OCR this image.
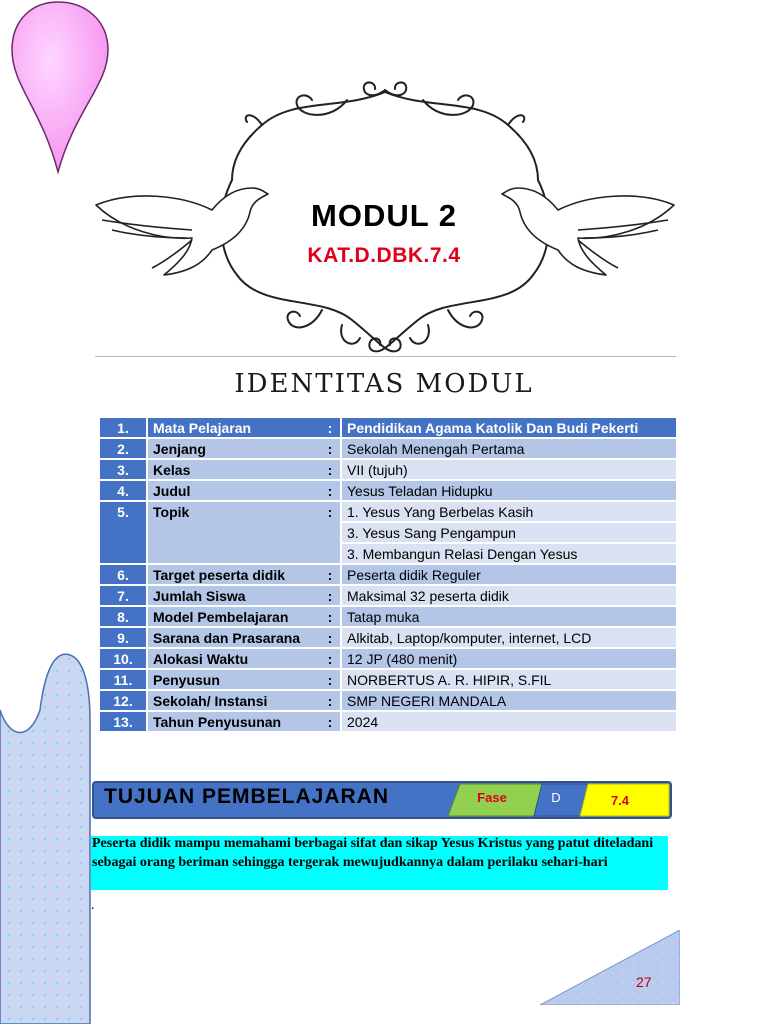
MODUL 2
KAT.D.DBK.7.4
IDENTITAS MODUL
1.	Mata Pelajaran	:	Pendidikan Agama Katolik Dan Budi Pekerti
2.	Jenjang	:	Sekolah Menengah Pertama
3.	Kelas	:	VII (tujuh)
4.	Judul	:	Yesus Teladan Hidupku
5.	Topik	:	1. Yesus Yang Berbelas Kasih
			3. Yesus Sang Pengampun
			3. Membangun Relasi Dengan Yesus
6.	Target peserta didik	:	Peserta didik Reguler
7.	Jumlah Siswa	:	Maksimal 32 peserta didik
8.	Model Pembelajaran	:	Tatap muka
9.	Sarana dan Prasarana	:	Alkitab, Laptop/komputer, internet, LCD
10.	Alokasi Waktu	:	12 JP (480 menit)
11.	Penyusun	:	NORBERTUS A. R. HIPIR, S.FIL
12.	Sekolah/ Instansi	:	SMP NEGERI MANDALA
13.	Tahun Penyusunan	:	2024
TUJUAN PEMBELAJARAN	Fase	D	7.4
Peserta didik mampu memahami berbagai sifat dan sikap Yesus Kristus yang patut diteladani sebagai orang beriman sehingga tergerak mewujudkannya dalam perilaku sehari-hari
.
27
